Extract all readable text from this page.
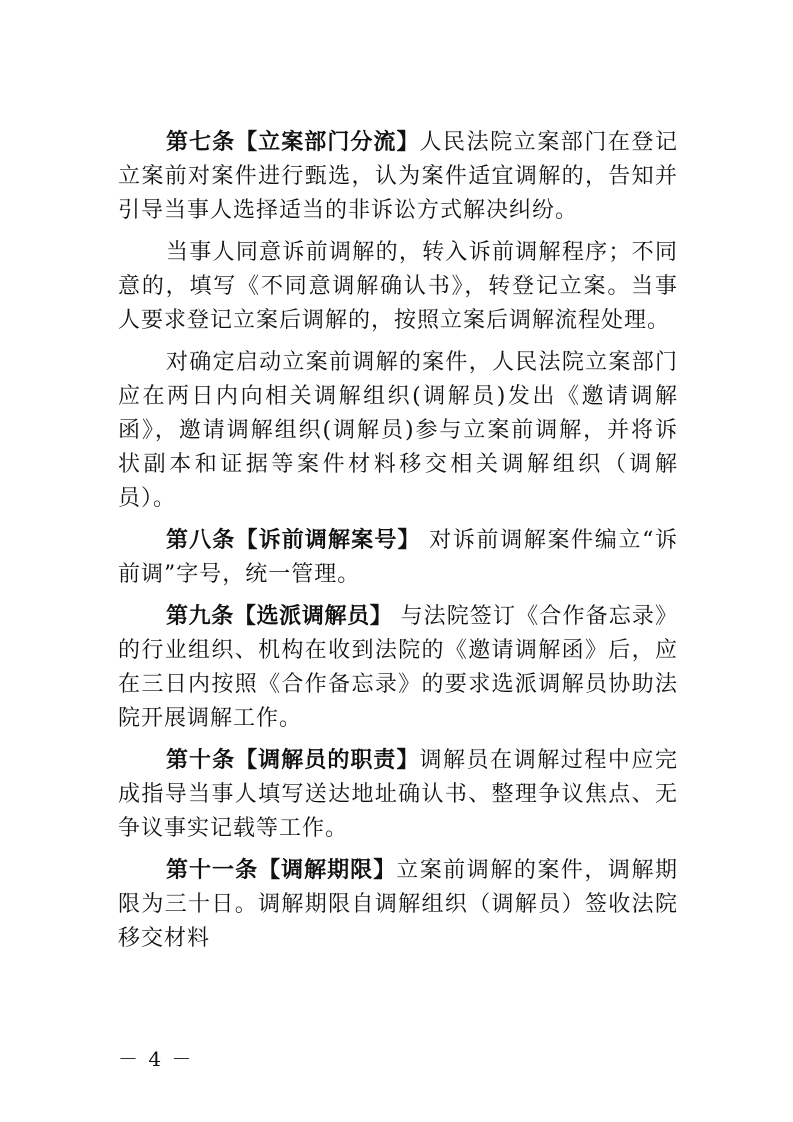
第七条【立案部门分流】人民法院立案部门在登记立案前对案件进行甄选，认为案件适宜调解的，告知并引导当事人选择适当的非诉讼方式解决纠纷。

当事人同意诉前调解的，转入诉前调解程序；不同意的，填写《不同意调解确认书》，转登记立案。当事人要求登记立案后调解的，按照立案后调解流程处理。

对确定启动立案前调解的案件，人民法院立案部门应在两日内向相关调解组织(调解员)发出《邀请调解函》，邀请调解组织(调解员)参与立案前调解，并将诉状副本和证据等案件材料移交相关调解组织（调解员）。

第八条【诉前调解案号】 对诉前调解案件编立“诉前调”字号，统一管理。

第九条【选派调解员】 与法院签订《合作备忘录》的行业组织、机构在收到法院的《邀请调解函》后，应在三日内按照《合作备忘录》的要求选派调解员协助法院开展调解工作。

第十条【调解员的职责】调解员在调解过程中应完成指导当事人填写送达地址确认书、整理争议焦点、无争议事实记载等工作。

第十一条【调解期限】立案前调解的案件，调解期限为三十日。调解期限自调解组织（调解员）签收法院移交材料

－ 4 －
